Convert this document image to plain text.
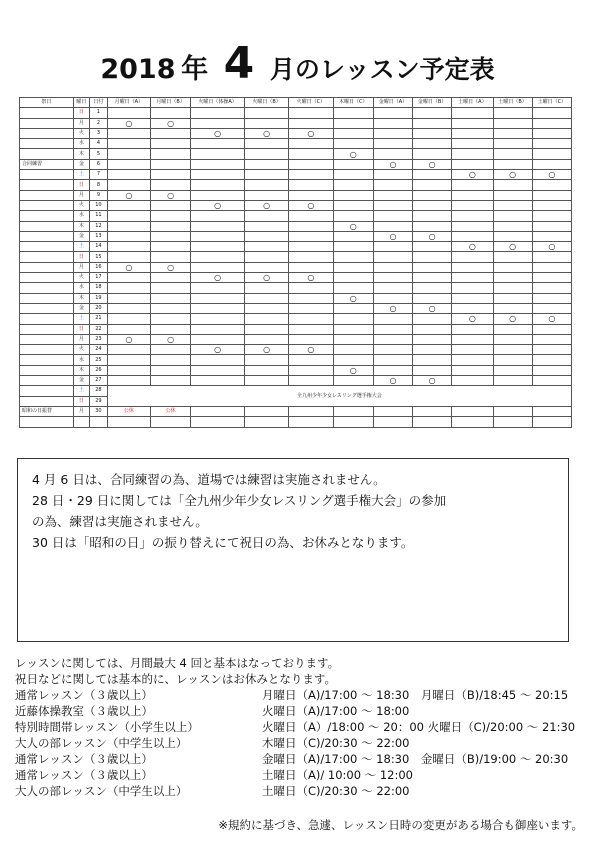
2018 年 4 月のレッスン予定表
祭日	曜日	日付	月曜日（A）	月曜日（B）	火曜日（体操A）	火曜日（B）	火曜日（C）	木曜日（C）	金曜日（A）	金曜日（B）	土曜日（A）	土曜日（B）	土曜日（C）
	日	1											
	月	2	○	○									
	火	3			○	○	○						
	水	4											
	木	5						○					
合同練習	金	6							○	○			
	土	7									○	○	○
	日	8											
	月	9	○	○									
	火	10			○	○	○						
	水	11											
	木	12						○					
	金	13							○	○			
	土	14									○	○	○
	日	15											
	月	16	○	○									
	火	17			○	○	○						
	水	18											
	木	19						○					
	金	20							○	○			
	土	21									○	○	○
	日	22											
	月	23	○	○									
	火	24			○	○	○						
	水	25											
	木	26						○					
	金	27							○	○			
	土	28	全九州少年少女レスリング選手権大会										
	日	29											
昭和の日振替	月	30	公休	公休									

4 月 6 日は、合同練習の為、道場では練習は実施されません。

28 日・29 日に関しては「全九州少年少女レスリング選手権大会」の参加

の為、練習は実施されません。

30 日は「昭和の日」の振り替えにて祝日の為、お休みとなります。

レッスンに関しては、月間最大 4 回と基本はなっております。
祝日などに関しては基本的に、レッスンはお休みとなります。
通常レッスン（３歳以上）	月曜日（A)/17:00 ～ 18:30　月曜日（B)/18:45 ～ 20:15
近藤体操教室（３歳以上）	火曜日（A)/17:00 ～ 18:00
特別時間帯レッスン（小学生以上）	火曜日（A）/18:00 ～ 20：00 火曜日（C)/20:00 ～ 21:30
大人の部レッスン（中学生以上）	木曜日（C)/20:30 ～ 22:00
通常レッスン（３歳以上）	金曜日（A)/17:00 ～ 18:30　金曜日（B)/19:00 ～ 20:30
通常レッスン（３歳以上）	土曜日（A)/ 10:00 ～ 12:00
大人の部レッスン（中学生以上）	土曜日（C)/20:30 ～ 22:00
※規約に基づき、急遽、レッスン日時の変更がある場合も御座います。
